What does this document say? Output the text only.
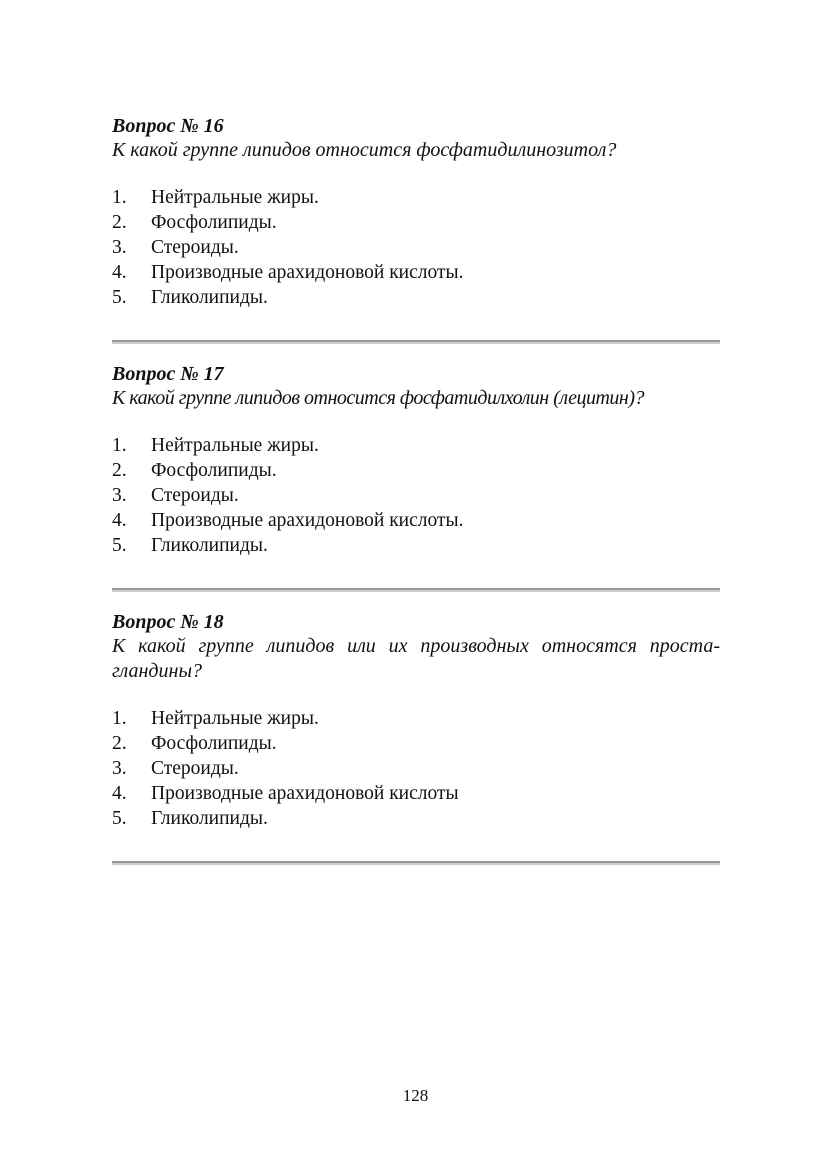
Вопрос № 16

К какой группе липидов относится фосфатидилинозитол?

1. Нейтральные жиры.
2. Фосфолипиды.
3. Стероиды.
4. Производные арахидоновой кислоты.
5. Гликолипиды.

Вопрос № 17

К какой группе липидов относится фосфатидилхолин (лецитин)?

1. Нейтральные жиры.
2. Фосфолипиды.
3. Стероиды.
4. Производные арахидоновой кислоты.
5. Гликолипиды.

Вопрос № 18

К какой группе липидов или их производных относятся проста-

гландины?

1. Нейтральные жиры.
2. Фосфолипиды.
3. Стероиды.
4. Производные арахидоновой кислоты
5. Гликолипиды.
128
